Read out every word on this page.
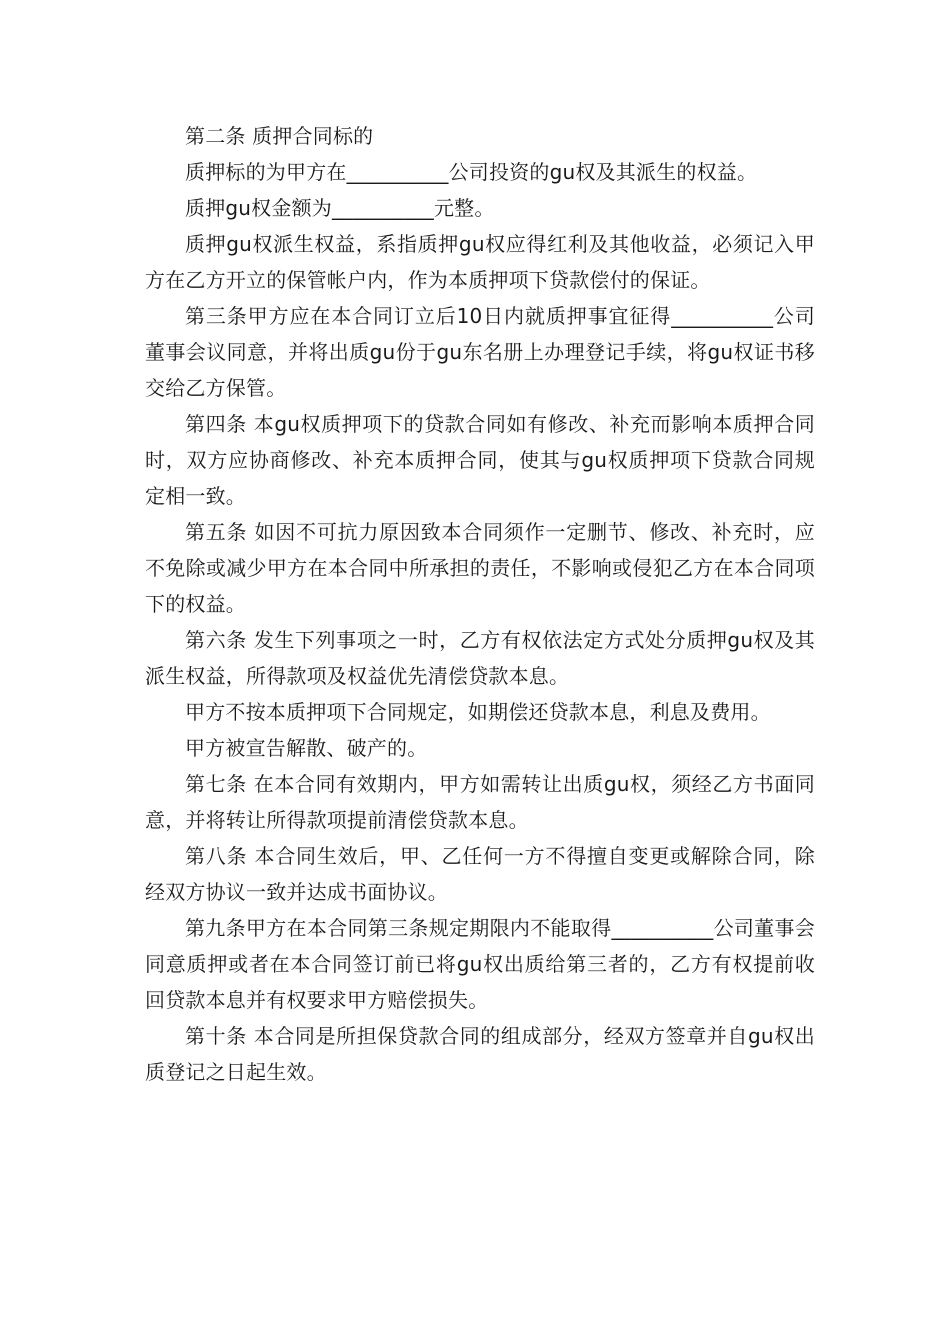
第二条 质押合同标的

质押标的为甲方在__________公司投资的gu权及其派生的权益。

质押gu权金额为__________元整。

质押gu权派生权益，系指质押gu权应得红利及其他收益，必须记入甲方在乙方开立的保管帐户内，作为本质押项下贷款偿付的保证。

第三条甲方应在本合同订立后10日内就质押事宜征得__________公司董事会议同意，并将出质gu份于gu东名册上办理登记手续，将gu权证书移交给乙方保管。

第四条 本gu权质押项下的贷款合同如有修改、补充而影响本质押合同时，双方应协商修改、补充本质押合同，使其与gu权质押项下贷款合同规定相一致。

第五条 如因不可抗力原因致本合同须作一定删节、修改、补充时，应不免除或减少甲方在本合同中所承担的责任，不影响或侵犯乙方在本合同项下的权益。

第六条 发生下列事项之一时，乙方有权依法定方式处分质押gu权及其派生权益，所得款项及权益优先清偿贷款本息。

甲方不按本质押项下合同规定，如期偿还贷款本息，利息及费用。

甲方被宣告解散、破产的。

第七条 在本合同有效期内，甲方如需转让出质gu权，须经乙方书面同意，并将转让所得款项提前清偿贷款本息。

第八条 本合同生效后，甲、乙任何一方不得擅自变更或解除合同，除经双方协议一致并达成书面协议。

第九条甲方在本合同第三条规定期限内不能取得__________公司董事会同意质押或者在本合同签订前已将gu权出质给第三者的，乙方有权提前收回贷款本息并有权要求甲方赔偿损失。

第十条 本合同是所担保贷款合同的组成部分，经双方签章并自gu权出质登记之日起生效。
